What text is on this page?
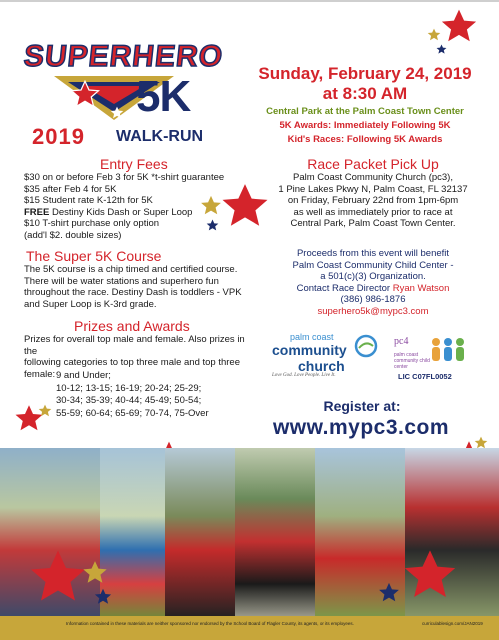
SUPERHERO
5K
2019 WALK-RUN
Sunday, February 24, 2019
at 8:30 AM
Central Park at the Palm Coast Town Center
5K Awards: Immediately Following 5K
Kid's Races: Following 5K Awards
Entry Fees
$30 on or before Feb 3 for 5K *t-shirt guarantee
$35 after Feb 4 for 5K
$15 Student rate K-12th for 5K
FREE Destiny Kids Dash or Super Loop
$10 T-shirt purchase only option
(add'l $2. double sizes)
The Super 5K Course
The 5K course is a chip timed and certified course.
There will be water stations and superhero fun
throughout the race. Destiny Dash is toddlers - VPK
and Super Loop is K-3rd grade.
Prizes and Awards
Prizes for overall top male and female. Also prizes in the
following categories to top three male and top three
female: 9 and Under;
10-12; 13-15; 16-19; 20-24; 25-29;
30-34; 35-39; 40-44; 45-49; 50-54;
55-59; 60-64; 65-69; 70-74, 75-Over
Race Packet Pick Up
Palm Coast Community Church (pc3),
1 Pine Lakes Pkwy N, Palm Coast, FL 32137
on Friday, February 22nd from 1pm-6pm
as well as immediately prior to race at
Central Park, Palm Coast Town Center.
Proceeds from this event will benefit
Palm Coast Community Child Center -
a 501(c)(3) Organization.
Contact Race Director Ryan Watson
(386) 986-1876
superhero5k@mypc3.com
palm coast
community
church
Love God. Love People. Live It.
pc4
palm coast community child center
LIC C07FL0052
Register at:
www.mypc3.com
Information contained in these materials are neither sponsored nor endorsed by the School Board of Flagler County, its agents, or its employees.	curriculablesign.com/JAN2019
